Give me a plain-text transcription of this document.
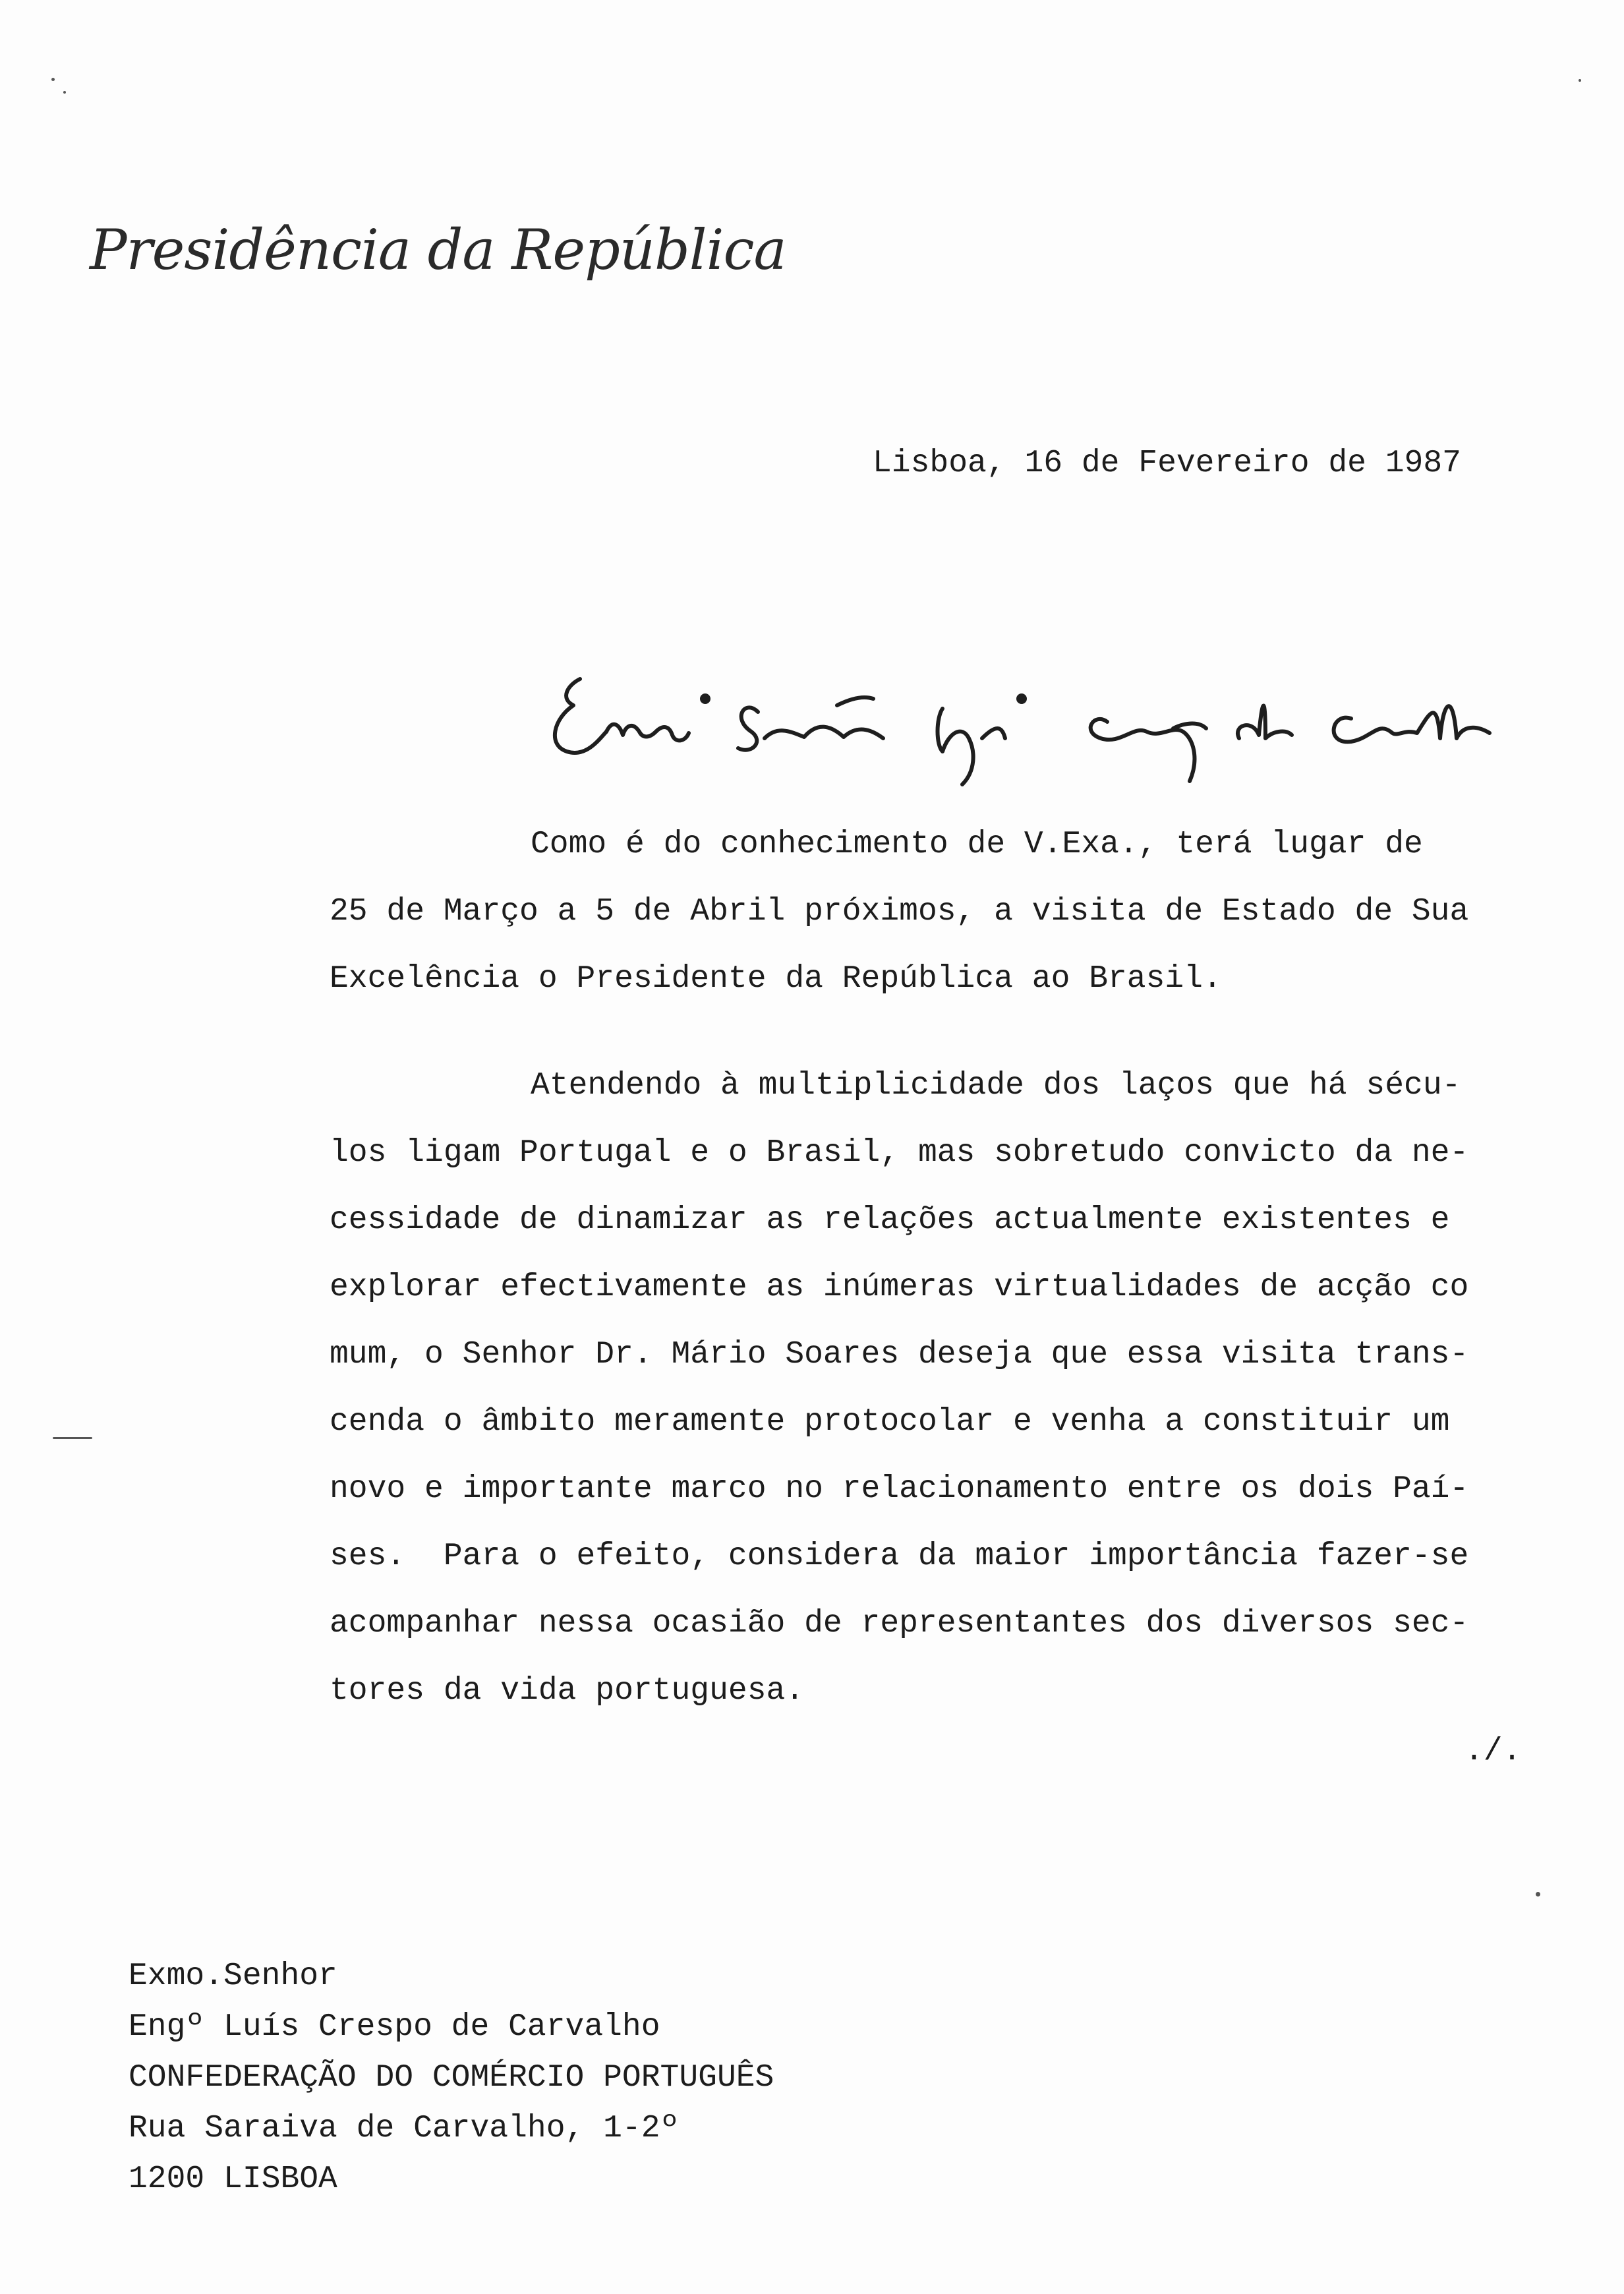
Presidência da República
Lisboa, 16 de Fevereiro de 1987
Como é do conhecimento de V.Exa., terá lugar de
25 de Março a 5 de Abril próximos, a visita de Estado de Sua
Excelência o Presidente da República ao Brasil.
Atendendo à multiplicidade dos laços que há sécu-
los ligam Portugal e o Brasil, mas sobretudo convicto da ne-
cessidade de dinamizar as relações actualmente existentes e
explorar efectivamente as inúmeras virtualidades de acção co
mum, o Senhor Dr. Mário Soares deseja que essa visita trans-
cenda o âmbito meramente protocolar e venha a constituir um
novo e importante marco no relacionamento entre os dois Paí-
ses.  Para o efeito, considera da maior importância fazer-se
acompanhar nessa ocasião de representantes dos diversos sec-
tores da vida portuguesa.
./.
Exmo.Senhor
Engº Luís Crespo de Carvalho
CONFEDERAÇÃO DO COMÉRCIO PORTUGUÊS
Rua Saraiva de Carvalho, 1-2º
1200 LISBOA
